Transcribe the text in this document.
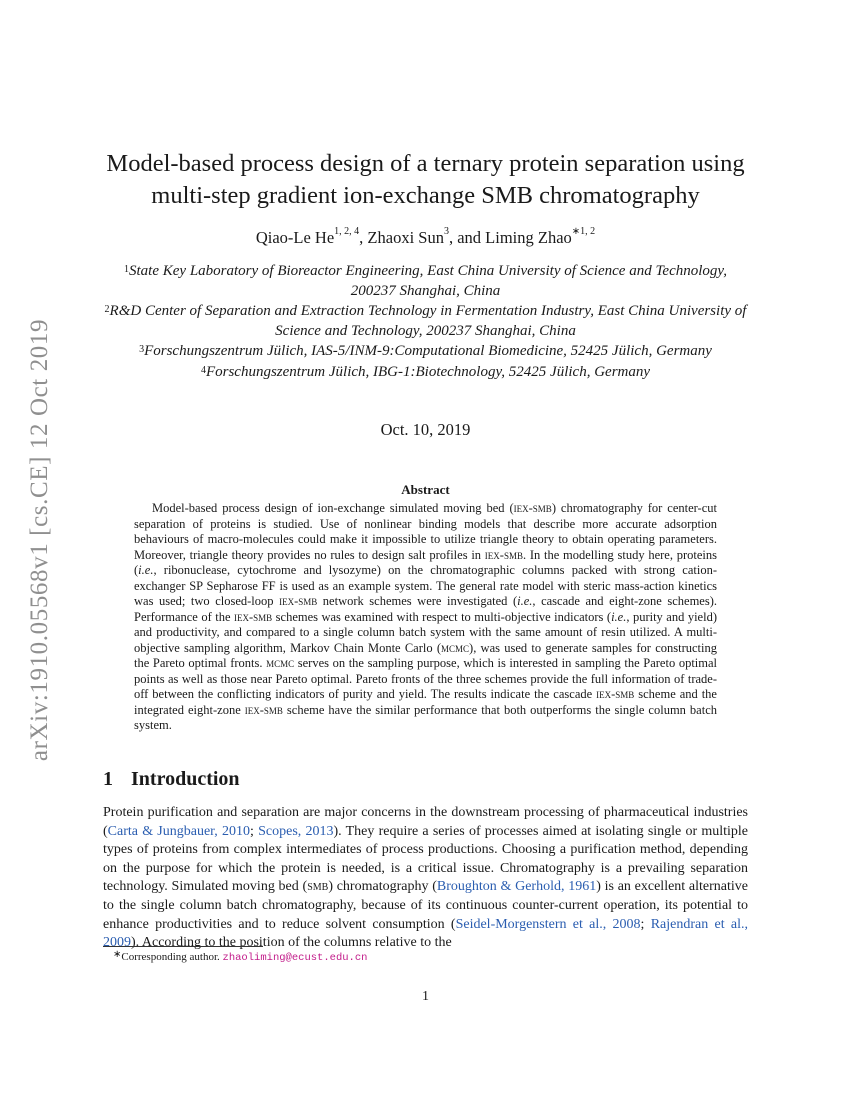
arXiv:1910.05568v1 [cs.CE] 12 Oct 2019
Model-based process design of a ternary protein separation using
multi-step gradient ion-exchange SMB chromatography
Qiao-Le He$^{1, 2, 4}$, Zhaoxi Sun$^3$, and Liming Zhao$^{∗1, 2}$
$^1$State Key Laboratory of Bioreactor Engineering, East China University of Science and Technology, 200237 Shanghai, China
$^2$R&D Center of Separation and Extraction Technology in Fermentation Industry, East China University of Science and Technology, 200237 Shanghai, China
$^3$Forschungszentrum Jülich, IAS-5/INM-9:Computational Biomedicine, 52425 Jülich, Germany
$^4$Forschungszentrum Jülich, IBG-1:Biotechnology, 52425 Jülich, Germany
Oct. 10, 2019
Abstract

Model-based process design of ion-exchange simulated moving bed (iex-smb) chromatography for center-cut separation of proteins is studied. Use of nonlinear binding models that describe more accurate adsorption behaviours of macro-molecules could make it impossible to utilize triangle theory to obtain operating parameters. Moreover, triangle theory provides no rules to design salt profiles in iex-smb. In the modelling study here, proteins (i.e., ribonuclease, cytochrome and lysozyme) on the chromatographic columns packed with strong cation-exchanger SP Sepharose FF is used as an example system. The general rate model with steric mass-action kinetics was used; two closed-loop iex-smb network schemes were investigated (i.e., cascade and eight-zone schemes). Performance of the iex-smb schemes was examined with respect to multi-objective indicators (i.e., purity and yield) and productivity, and compared to a single column batch system with the same amount of resin utilized. A multi-objective sampling algorithm, Markov Chain Monte Carlo (mcmc), was used to generate samples for constructing the Pareto optimal fronts. mcmc serves on the sampling purpose, which is interested in sampling the Pareto optimal points as well as those near Pareto optimal. Pareto fronts of the three schemes provide the full information of trade-off between the conflicting indicators of purity and yield. The results indicate the cascade iex-smb scheme and the integrated eight-zone iex-smb scheme have the similar performance that both outperforms the single column batch system.

1 Introduction

Protein purification and separation are major concerns in the downstream processing of pharmaceutical industries (Carta & Jungbauer, 2010; Scopes, 2013). They require a series of processes aimed at isolating single or multiple types of proteins from complex intermediates of process productions. Choosing a purification method, depending on the purpose for which the protein is needed, is a critical issue. Chromatography is a prevailing separation technology. Simulated moving bed (smb) chromatography (Broughton & Gerhold, 1961) is an excellent alternative to the single column batch chromatography, because of its continuous counter-current operation, its potential to enhance productivities and to reduce solvent consumption (Seidel-Morgenstern et al., 2008; Rajendran et al., 2009). According to the position of the columns relative to the

∗Corresponding author. zhaoliming@ecust.edu.cn
1
